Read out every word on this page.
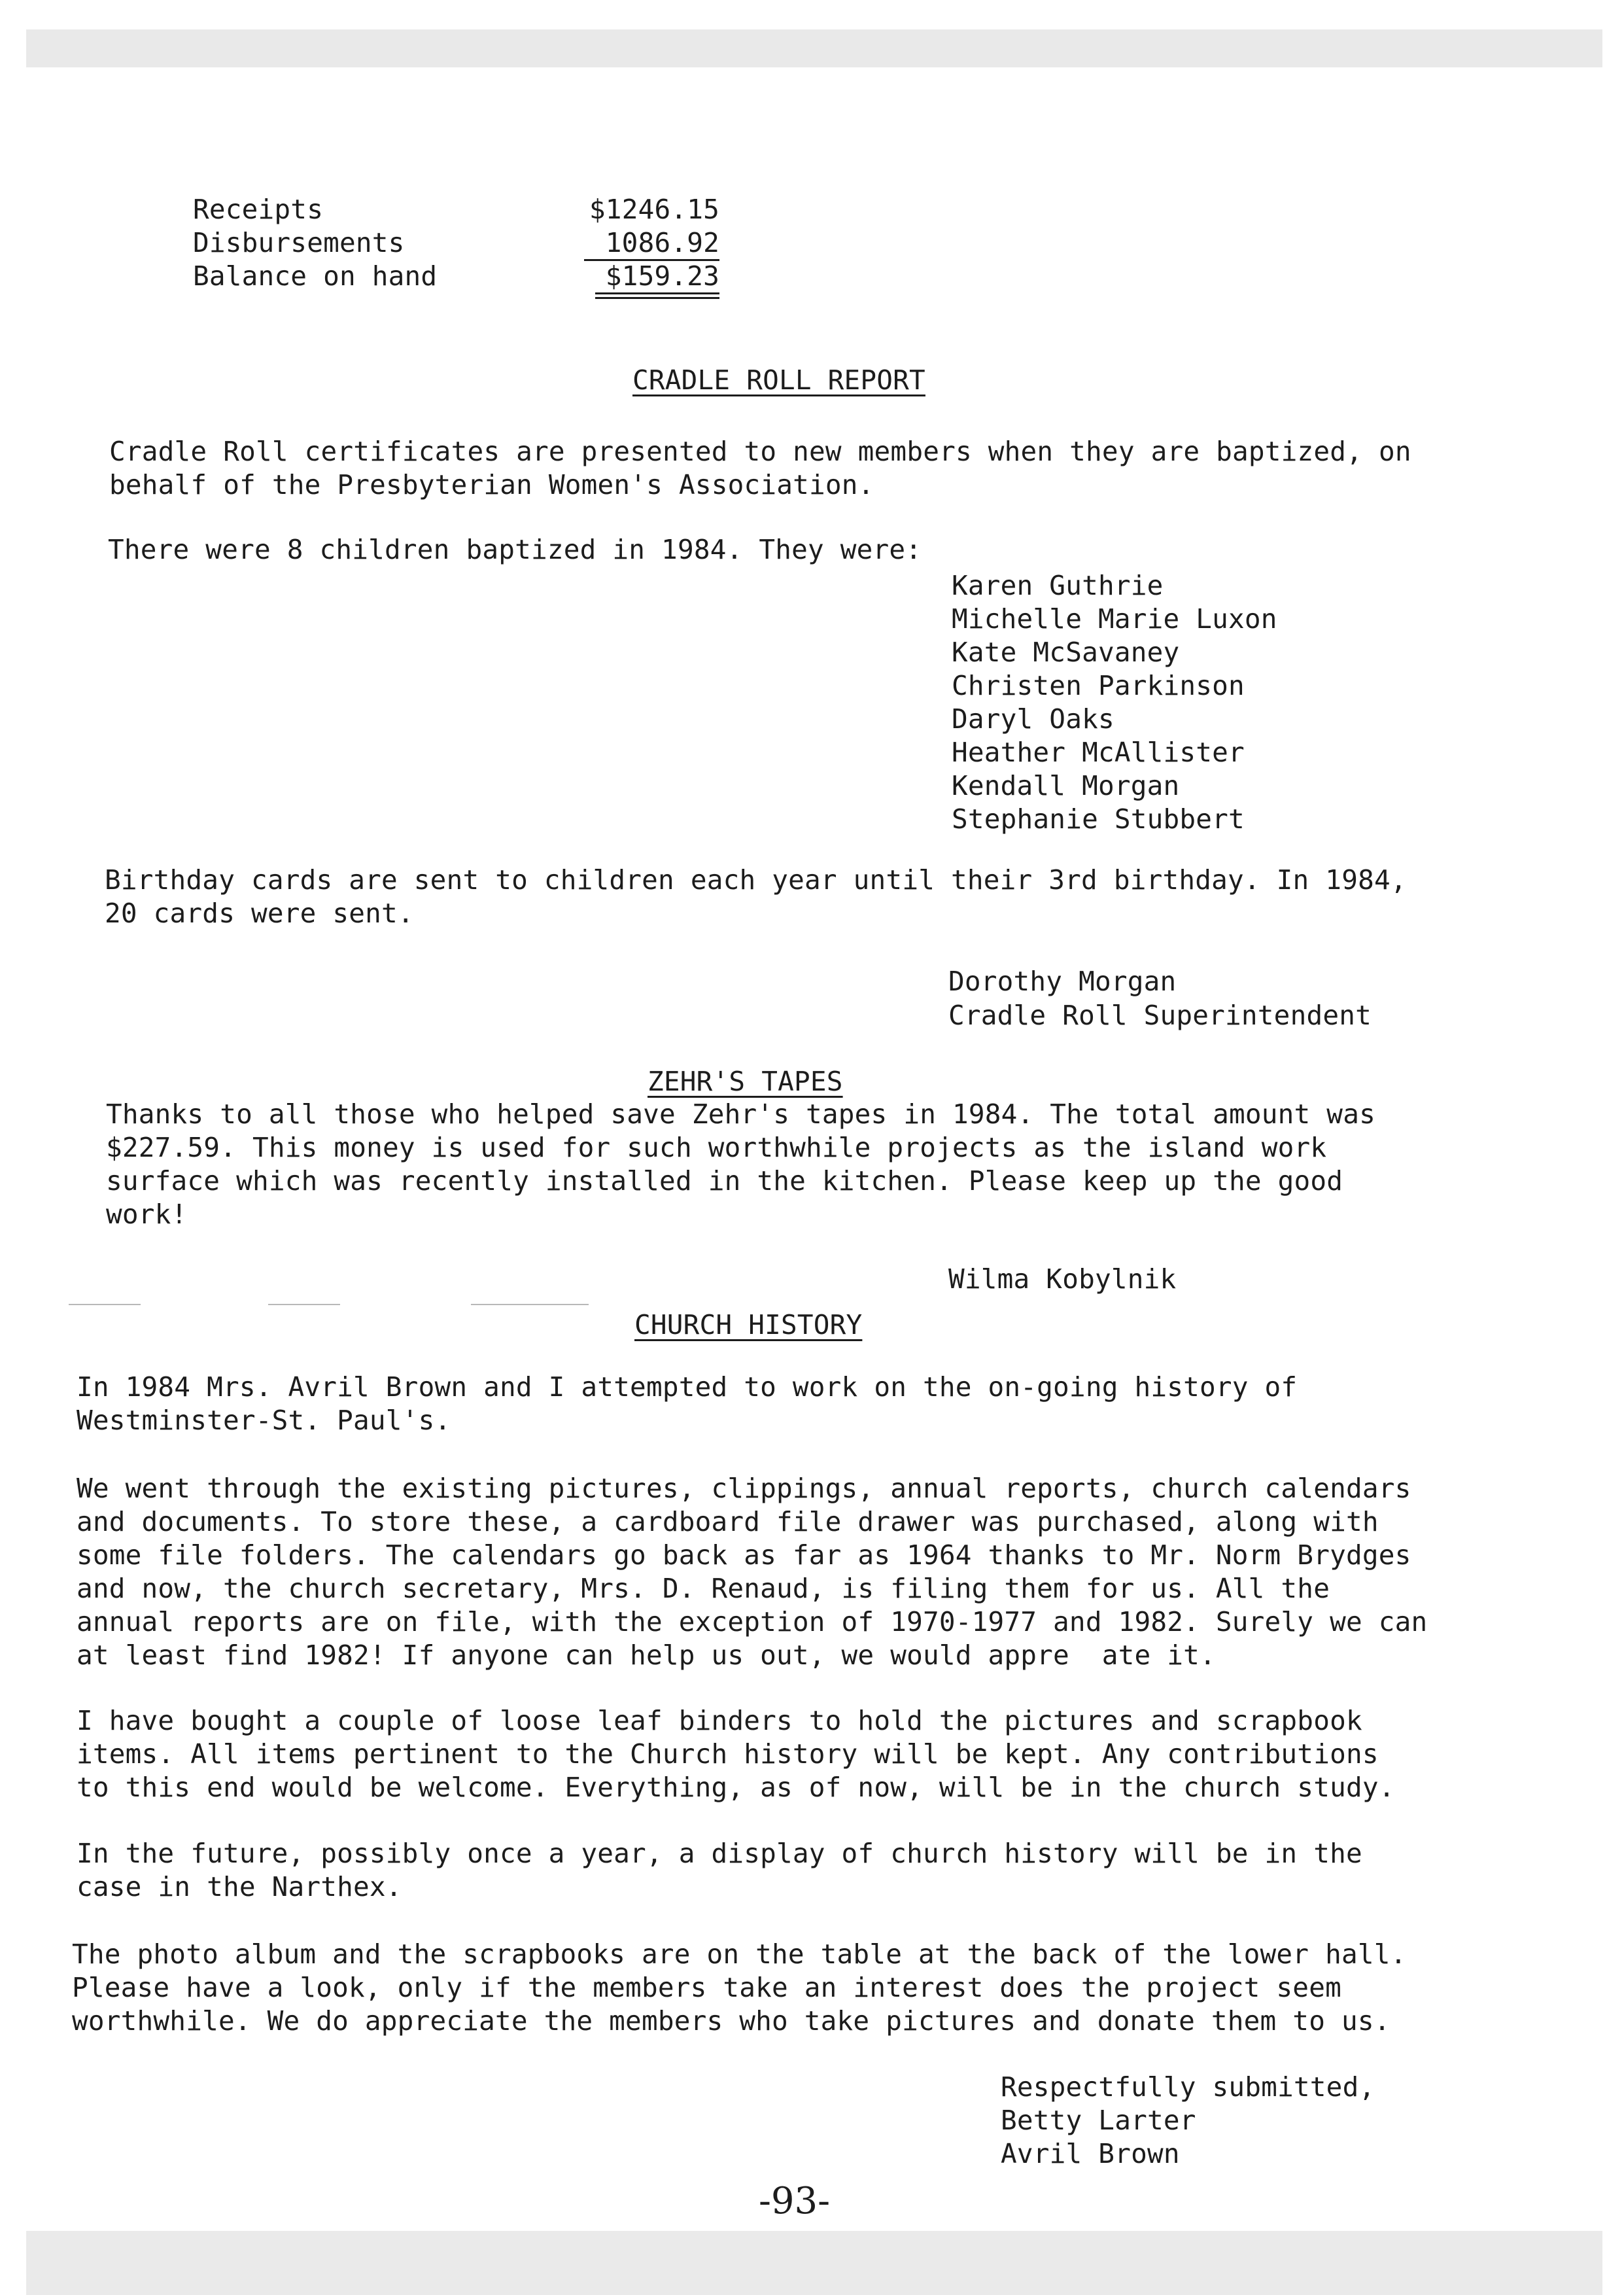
Receipts
Disbursements
Balance on hand
$1246.15
1086.92
$159.23
CRADLE ROLL REPORT
Cradle Roll certificates are presented to new members when they are baptized, on
behalf of the Presbyterian Women's Association.
There were 8 children baptized in 1984. They were:
Karen Guthrie
Michelle Marie Luxon
Kate McSavaney
Christen Parkinson
Daryl Oaks
Heather McAllister
Kendall Morgan
Stephanie Stubbert
Birthday cards are sent to children each year until their 3rd birthday. In 1984,
20 cards were sent.
Dorothy Morgan
Cradle Roll Superintendent
ZEHR'S TAPES
Thanks to all those who helped save Zehr's tapes in 1984. The total amount was
$227.59. This money is used for such worthwhile projects as the island work
surface which was recently installed in the kitchen. Please keep up the good
work!
Wilma Kobylnik
CHURCH HISTORY
In 1984 Mrs. Avril Brown and I attempted to work on the on-going history of
Westminster-St. Paul's.
We went through the existing pictures, clippings, annual reports, church calendars
and documents. To store these, a cardboard file drawer was purchased, along with
some file folders. The calendars go back as far as 1964 thanks to Mr. Norm Brydges
and now, the church secretary, Mrs. D. Renaud, is filing them for us. All the
annual reports are on file, with the exception of 1970-1977 and 1982. Surely we can
at least find 1982! If anyone can help us out, we would appre  ate it.
I have bought a couple of loose leaf binders to hold the pictures and scrapbook
items. All items pertinent to the Church history will be kept. Any contributions
to this end would be welcome. Everything, as of now, will be in the church study.
In the future, possibly once a year, a display of church history will be in the
case in the Narthex.
The photo album and the scrapbooks are on the table at the back of the lower hall.
Please have a look, only if the members take an interest does the project seem
worthwhile. We do appreciate the members who take pictures and donate them to us.
Respectfully submitted,
Betty Larter
Avril Brown
-93-
